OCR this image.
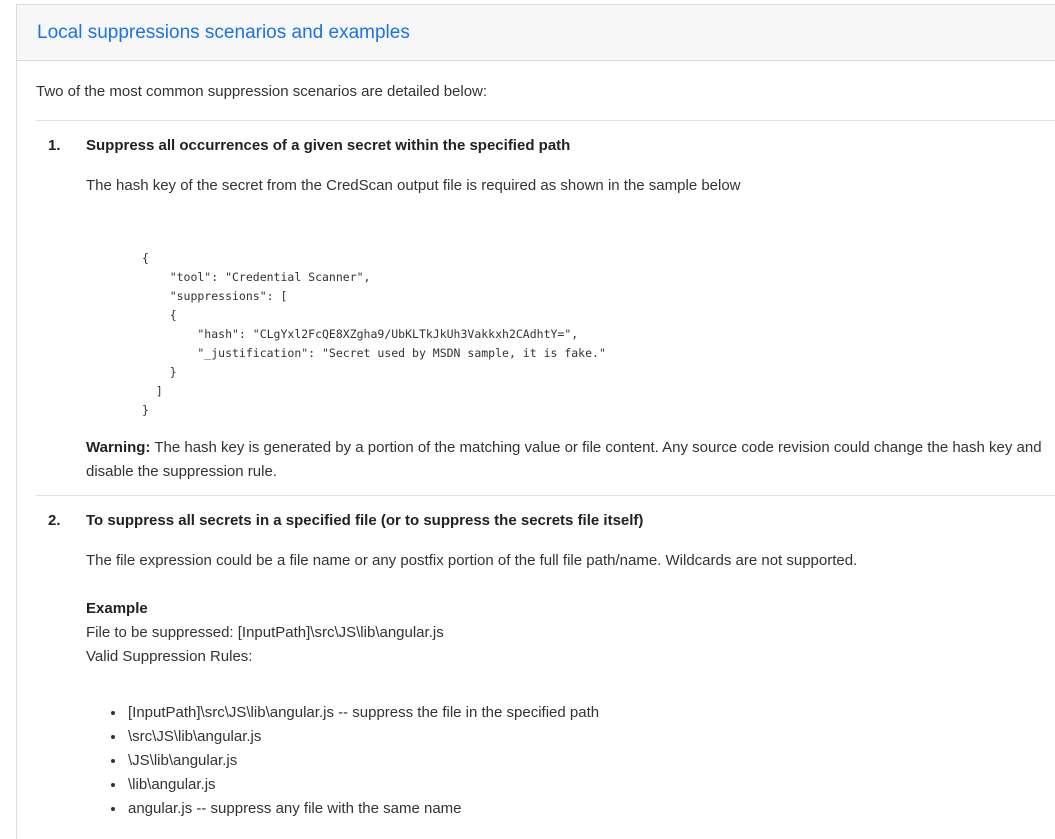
Local suppressions scenarios and examples

Two of the most common suppression scenarios are detailed below:

1. Suppress all occurrences of a given secret within the specified path

The hash key of the secret from the CredScan output file is required as shown in the sample below

{
"tool": "Credential Scanner",
"suppressions": [
{
"hash": "CLgYxl2FcQE8XZgha9/UbKLTkJkUh3Vakkxh2CAdhtY=",
"_justification": "Secret used by MSDN sample, it is fake."
}
]
}

Warning: The hash key is generated by a portion of the matching value or file content. Any source code revision could change the hash key and disable the suppression rule.

2. To suppress all secrets in a specified file (or to suppress the secrets file itself)

The file expression could be a file name or any postfix portion of the full file path/name. Wildcards are not supported.

Example
File to be suppressed: [InputPath]\src\JS\lib\angular.js
Valid Suppression Rules:
• [InputPath]\src\JS\lib\angular.js -- suppress the file in the specified path
• \src\JS\lib\angular.js
• \JS\lib\angular.js
• \lib\angular.js
• angular.js -- suppress any file with the same name
